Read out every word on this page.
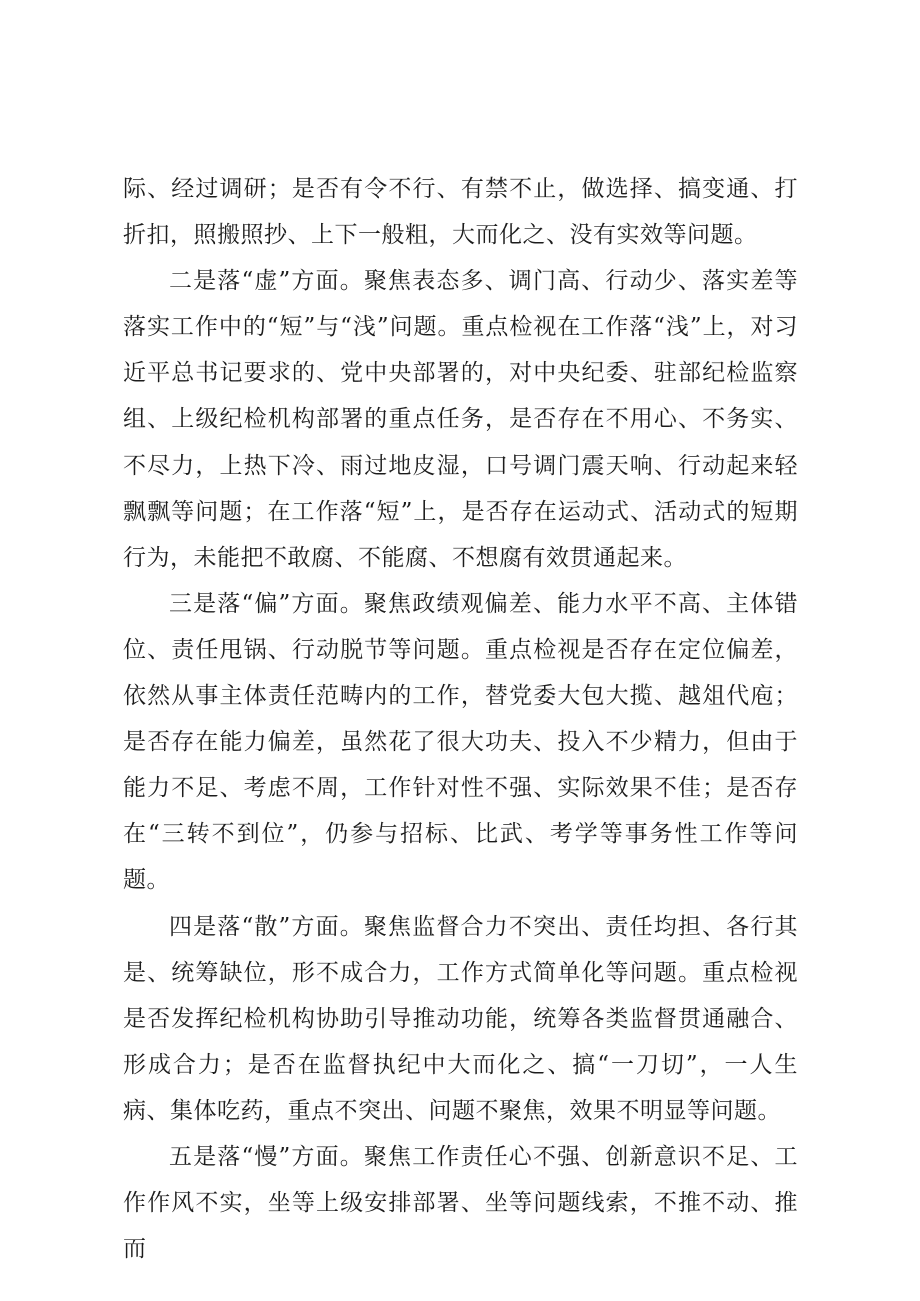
际、经过调研；是否有令不行、有禁不止，做选择、搞变通、打折扣，照搬照抄、上下一般粗，大而化之、没有实效等问题。

二是落“虚”方面。聚焦表态多、调门高、行动少、落实差等落实工作中的“短”与“浅”问题。重点检视在工作落“浅”上，对习近平总书记要求的、党中央部署的，对中央纪委、驻部纪检监察组、上级纪检机构部署的重点任务，是否存在不用心、不务实、不尽力，上热下冷、雨过地皮湿，口号调门震天响、行动起来轻飘飘等问题；在工作落“短”上，是否存在运动式、活动式的短期行为，未能把不敢腐、不能腐、不想腐有效贯通起来。

三是落“偏”方面。聚焦政绩观偏差、能力水平不高、主体错位、责任甩锅、行动脱节等问题。重点检视是否存在定位偏差，依然从事主体责任范畴内的工作，替党委大包大揽、越俎代庖；是否存在能力偏差，虽然花了很大功夫、投入不少精力，但由于能力不足、考虑不周，工作针对性不强、实际效果不佳；是否存在“三转不到位”，仍参与招标、比武、考学等事务性工作等问题。

四是落“散”方面。聚焦监督合力不突出、责任均担、各行其是、统筹缺位，形不成合力，工作方式简单化等问题。重点检视是否发挥纪检机构协助引导推动功能，统筹各类监督贯通融合、形成合力；是否在监督执纪中大而化之、搞“一刀切”，一人生病、集体吃药，重点不突出、问题不聚焦，效果不明显等问题。

五是落“慢”方面。聚焦工作责任心不强、创新意识不足、工作作风不实，坐等上级安排部署、坐等问题线索，不推不动、推而
